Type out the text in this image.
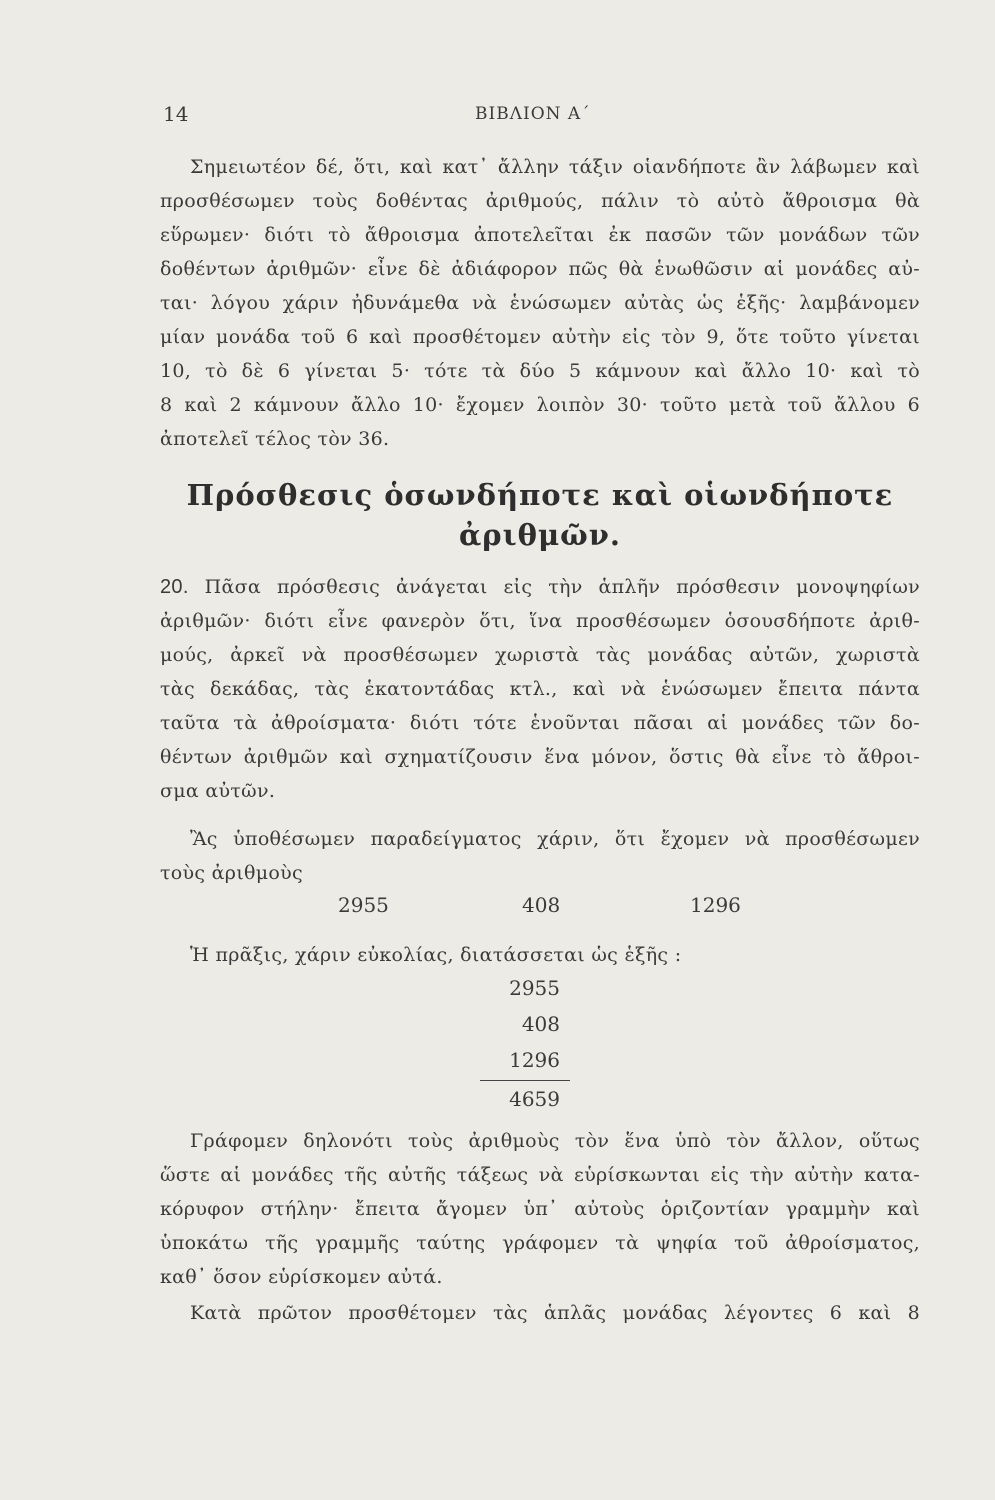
14	ΒΙΒΛΙΟΝ Α΄
Σημειωτέον δέ, ὅτι, καὶ κατ᾽ ἄλλην τάξιν οἱανδήποτε ἂν λάβωμεν καὶ
προσθέσωμεν τοὺς δοθέντας ἀριθμούς, πάλιν τὸ αὐτὸ ἄθροισμα θὰ
εὕρωμεν· διότι τὸ ἄθροισμα ἀποτελεῖται ἐκ πασῶν τῶν μονάδων τῶν
δοθέντων ἀριθμῶν· εἶνε δὲ ἀδιάφορον πῶς θὰ ἑνωθῶσιν αἱ μονάδες αὐ-
ται· λόγου χάριν ἠδυνάμεθα νὰ ἑνώσωμεν αὐτὰς ὡς ἑξῆς· λαμβάνομεν
μίαν μονάδα τοῦ 6 καὶ προσθέτομεν αὐτὴν εἰς τὸν 9, ὅτε τοῦτο γίνεται
10, τὸ δὲ 6 γίνεται 5· τότε τὰ δύο 5 κάμνουν καὶ ἄλλο 10· καὶ τὸ
8 καὶ 2 κάμνουν ἄλλο 10· ἔχομεν λοιπὸν 30· τοῦτο μετὰ τοῦ ἄλλου 6
ἀποτελεῖ τέλος τὸν 36.
Πρόσθεσις ὁσωνδήποτε καὶ οἱωνδήποτε
ἀριθμῶν.
20. Πᾶσα πρόσθεσις ἀνάγεται εἰς τὴν ἁπλῆν πρόσθεσιν μονοψηφίων
ἀριθμῶν· διότι εἶνε φανερὸν ὅτι, ἵνα προσθέσωμεν ὁσουσδήποτε ἀριθ-
μούς, ἀρκεῖ νὰ προσθέσωμεν χωριστὰ τὰς μονάδας αὐτῶν, χωριστὰ
τὰς δεκάδας, τὰς ἑκατοντάδας κτλ., καὶ νὰ ἑνώσωμεν ἔπειτα πάντα
ταῦτα τὰ ἀθροίσματα· διότι τότε ἑνοῦνται πᾶσαι αἱ μονάδες τῶν δο-
θέντων ἀριθμῶν καὶ σχηματίζουσιν ἕνα μόνον, ὅστις θὰ εἶνε τὸ ἄθροι-
σμα αὐτῶν.
Ἂς ὑποθέσωμεν παραδείγματος χάριν, ὅτι ἔχομεν νὰ προσθέσωμεν
τοὺς ἀριθμοὺς
2955	408	1296
Ἡ πρᾶξις, χάριν εὐκολίας, διατάσσεται ὡς ἑξῆς :
2955
408
1296
4659
Γράφομεν δηλονότι τοὺς ἀριθμοὺς τὸν ἕνα ὑπὸ τὸν ἄλλον, οὕτως
ὥστε αἱ μονάδες τῆς αὐτῆς τάξεως νὰ εὑρίσκωνται εἰς τὴν αὐτὴν κατα-
κόρυφον στήλην· ἔπειτα ἄγομεν ὑπ᾽ αὐτοὺς ὁριζοντίαν γραμμὴν καὶ
ὑποκάτω τῆς γραμμῆς ταύτης γράφομεν τὰ ψηφία τοῦ ἀθροίσματος,
καθ᾽ ὅσον εὑρίσκομεν αὐτά.
Κατὰ πρῶτον προσθέτομεν τὰς ἁπλᾶς μονάδας λέγοντες 6 καὶ 8
